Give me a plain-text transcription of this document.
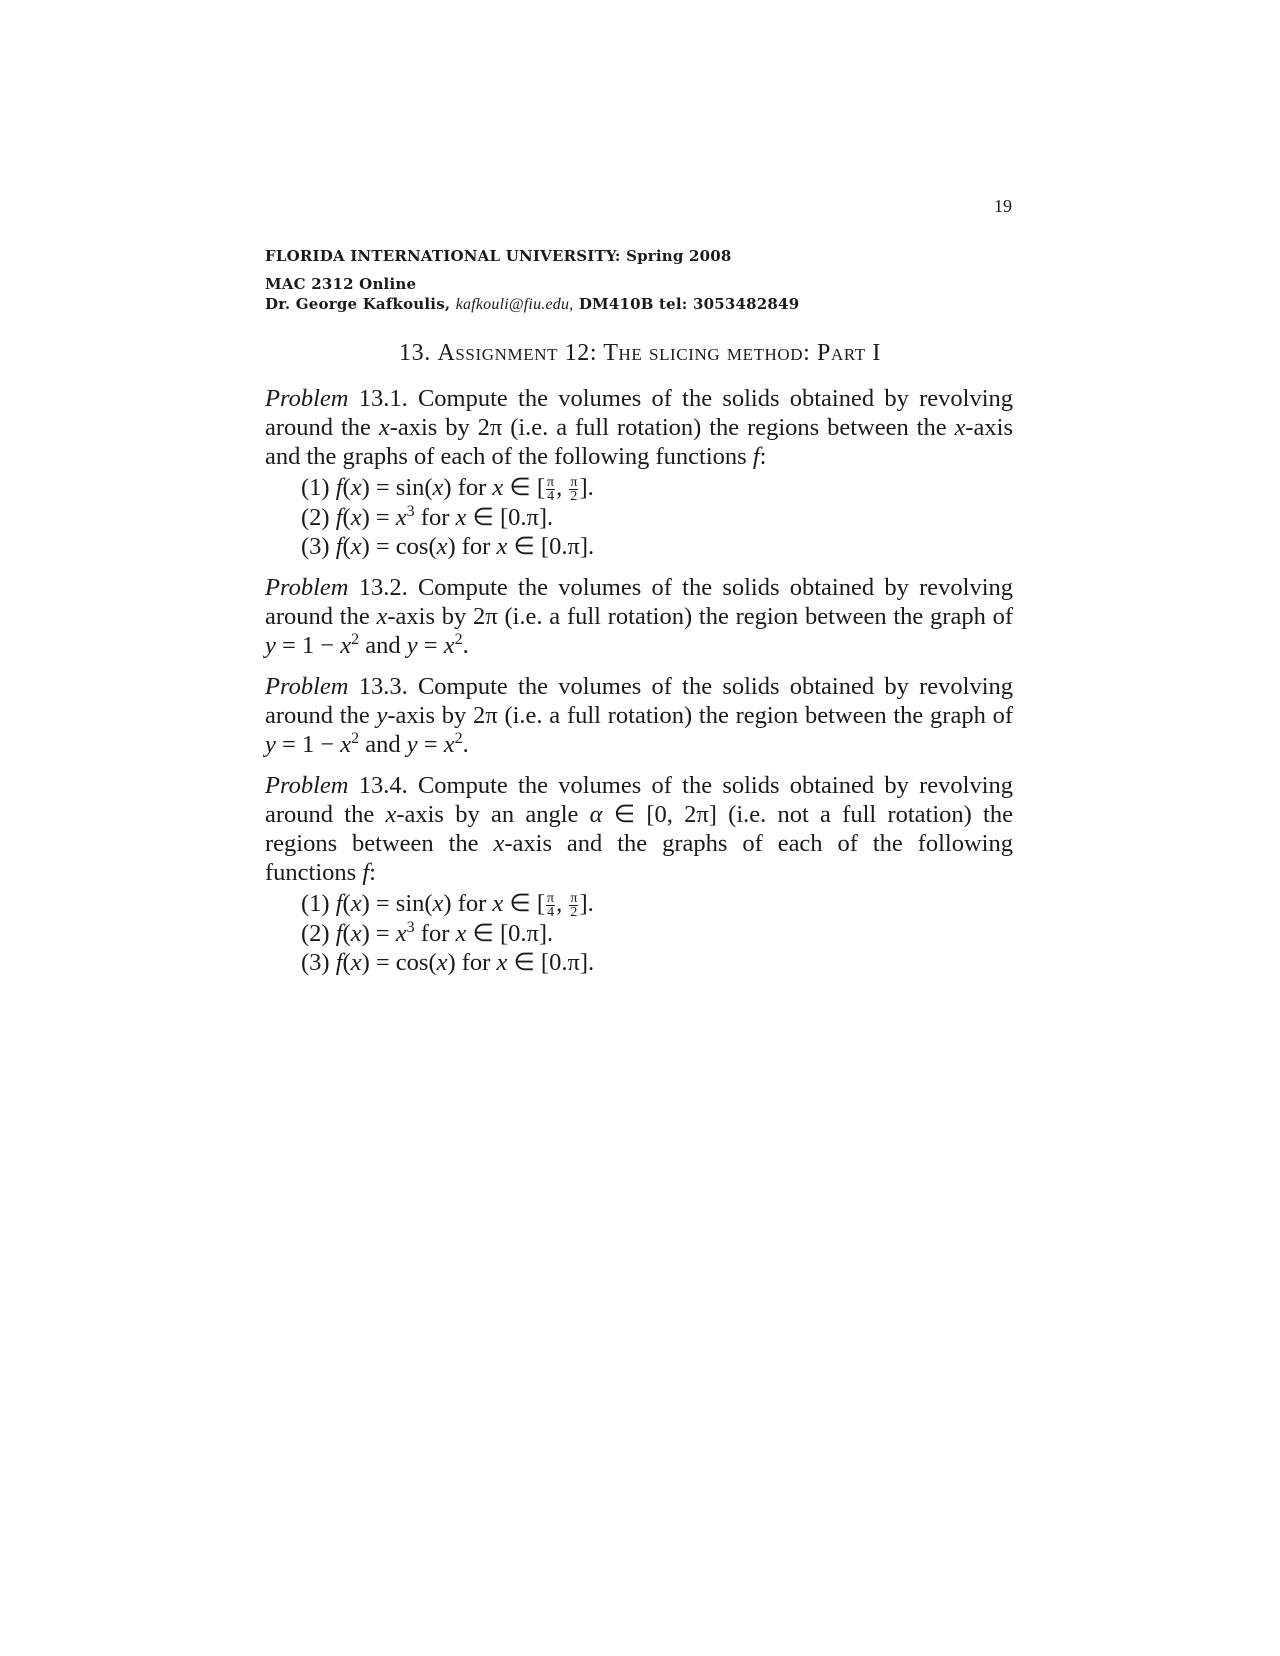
19
FLORIDA INTERNATIONAL UNIVERSITY: Spring 2008
MAC 2312 Online
Dr. George Kafkoulis, kafkouli@fiu.edu, DM410B tel: 3053482849
13. Assignment 12: The slicing method: Part I

Problem 13.1. Compute the volumes of the solids obtained by revolving around the x-axis by 2π (i.e. a full rotation) the regions between the x-axis and the graphs of each of the following functions f:

(1) f(x) = sin(x) for x ∈ [ $\frac{\pi}{4}$ , $\frac{\pi}{2}$ ].
(2) $f(x) = x^3$ for x ∈ [0.π].
(3) f(x) = cos(x) for x ∈ [0.π].

Problem 13.2. Compute the volumes of the solids obtained by revolving around the x-axis by 2π (i.e. a full rotation) the region between the graph of $y = 1 - x^2$ and $y = x^2$.

Problem 13.3. Compute the volumes of the solids obtained by revolving around the y-axis by 2π (i.e. a full rotation) the region between the graph of $y = 1 - x^2$ and $y = x^2$.

Problem 13.4. Compute the volumes of the solids obtained by revolving around the x-axis by an angle α ∈ [0, 2π] (i.e. not a full rotation) the regions between the x-axis and the graphs of each of the following functions f:

(1) f(x) = sin(x) for x ∈ [ $\frac{\pi}{4}$ , $\frac{\pi}{2}$ ].
(2) $f(x) = x^3$ for x ∈ [0.π].
(3) f(x) = cos(x) for x ∈ [0.π].
